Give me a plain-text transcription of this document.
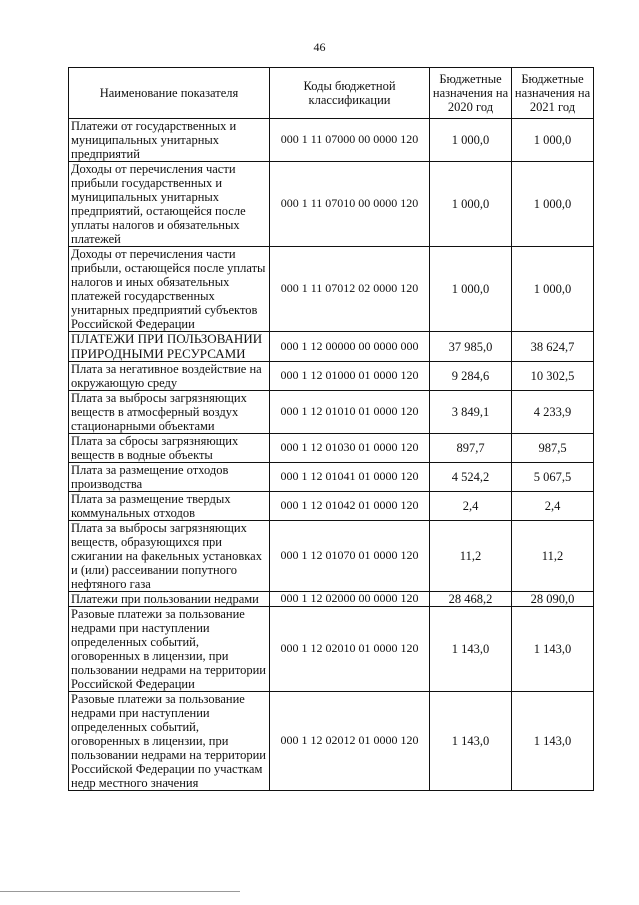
46
Наименование показателя	Коды бюджетной классификации	Бюджетные назначения на 2020 год	Бюджетные назначения на 2021 год
Платежи от государственных и муниципальных унитарных предприятий	000 1 11 07000 00 0000 120	1 000,0	1 000,0
Доходы от перечисления части прибыли государственных и муниципальных унитарных предприятий, остающейся после уплаты налогов и обязательных платежей	000 1 11 07010 00 0000 120	1 000,0	1 000,0
Доходы от перечисления части прибыли, остающейся после уплаты налогов и иных обязательных платежей государственных унитарных предприятий субъектов Российской Федерации	000 1 11 07012 02 0000 120	1 000,0	1 000,0
ПЛАТЕЖИ ПРИ ПОЛЬЗОВАНИИ ПРИРОДНЫМИ РЕСУРСАМИ	000 1 12 00000 00 0000 000	37 985,0	38 624,7
Плата за негативное воздействие на окружающую среду	000 1 12 01000 01 0000 120	9 284,6	10 302,5
Плата за выбросы загрязняющих веществ в атмосферный воздух стационарными объектами	000 1 12 01010 01 0000 120	3 849,1	4 233,9
Плата за сбросы загрязняющих веществ в водные объекты	000 1 12 01030 01 0000 120	897,7	987,5
Плата за размещение отходов производства	000 1 12 01041 01 0000 120	4 524,2	5 067,5
Плата за размещение твердых коммунальных отходов	000 1 12 01042 01 0000 120	2,4	2,4
Плата за выбросы загрязняющих веществ, образующихся при сжигании на факельных установках и (или) рассеивании попутного нефтяного газа	000 1 12 01070 01 0000 120	11,2	11,2
Платежи при пользовании недрами	000 1 12 02000 00 0000 120	28 468,2	28 090,0
Разовые платежи за пользование недрами при наступлении определенных событий, оговоренных в лицензии, при пользовании недрами на территории Российской Федерации	000 1 12 02010 01 0000 120	1 143,0	1 143,0
Разовые платежи за пользование недрами при наступлении определенных событий, оговоренных в лицензии, при пользовании недрами на территории Российской Федерации по участкам недр местного значения	000 1 12 02012 01 0000 120	1 143,0	1 143,0
